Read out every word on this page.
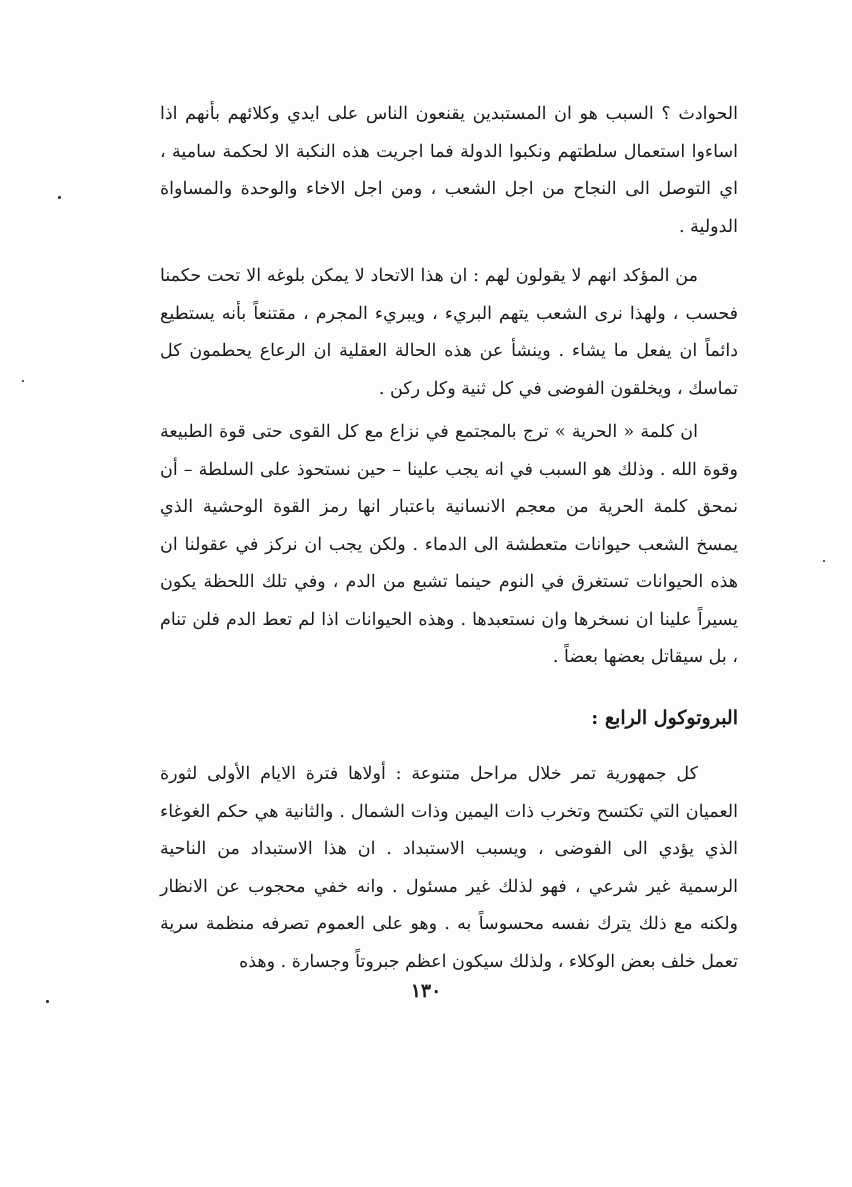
الحوادث ؟ السبب هو ان المستبدين يقنعون الناس على ايدي وكلائهم بأنهم اذا اساءوا استعمال سلطتهم ونكبوا الدولة فما اجريت هذه النكبة الا لحكمة سامية ، اي التوصل الى النجاح من اجل الشعب ، ومن اجل الاخاء والوحدة والمساواة الدولية .

من المؤكد انهم لا يقولون لهم : ان هذا الاتحاد لا يمكن بلوغه الا تحت حكمنا فحسب ، ولهذا نرى الشعب يتهم البريء ، ويبريء المجرم ، مقتنعاً بأنه يستطيع دائماً ان يفعل ما يشاء . وينشأ عن هذه الحالة العقلية ان الرعاع يحطمون كل تماسك ، ويخلقون الفوضى في كل ثنية وكل ركن .

ان كلمة « الحرية » ترج بالمجتمع في نزاع مع كل القوى حتى قوة الطبيعة وقوة الله . وذلك هو السبب في انه يجب علينا – حين نستحوذ على السلطة – أن نمحق كلمة الحرية من معجم الانسانية باعتبار انها رمز القوة الوحشية الذي يمسخ الشعب حيوانات متعطشة الى الدماء . ولكن يجب ان نركز في عقولنا ان هذه الحيوانات تستغرق في النوم حينما تشبع من الدم ، وفي تلك اللحظة يكون يسيراً علينا ان نسخرها وان نستعبدها . وهذه الحيوانات اذا لم تعط الدم فلن تنام ، بل سيقاتل بعضها بعضاً .

البروتوكول الرابع :

كل جمهورية تمر خلال مراحل متنوعة : أولاها فترة الايام الأولى لثورة العميان التي تكتسح وتخرب ذات اليمين وذات الشمال . والثانية هي حكم الغوغاء الذي يؤدي الى الفوضى ، ويسبب الاستبداد . ان هذا الاستبداد من الناحية الرسمية غير شرعي ، فهو لذلك غير مسئول . وانه خفي محجوب عن الانظار ولكنه مع ذلك يترك نفسه محسوساً به . وهو على العموم تصرفه منظمة سرية تعمل خلف بعض الوكلاء ، ولذلك سيكون اعظم جبروتاً وجسارة . وهذه

١٣٠
